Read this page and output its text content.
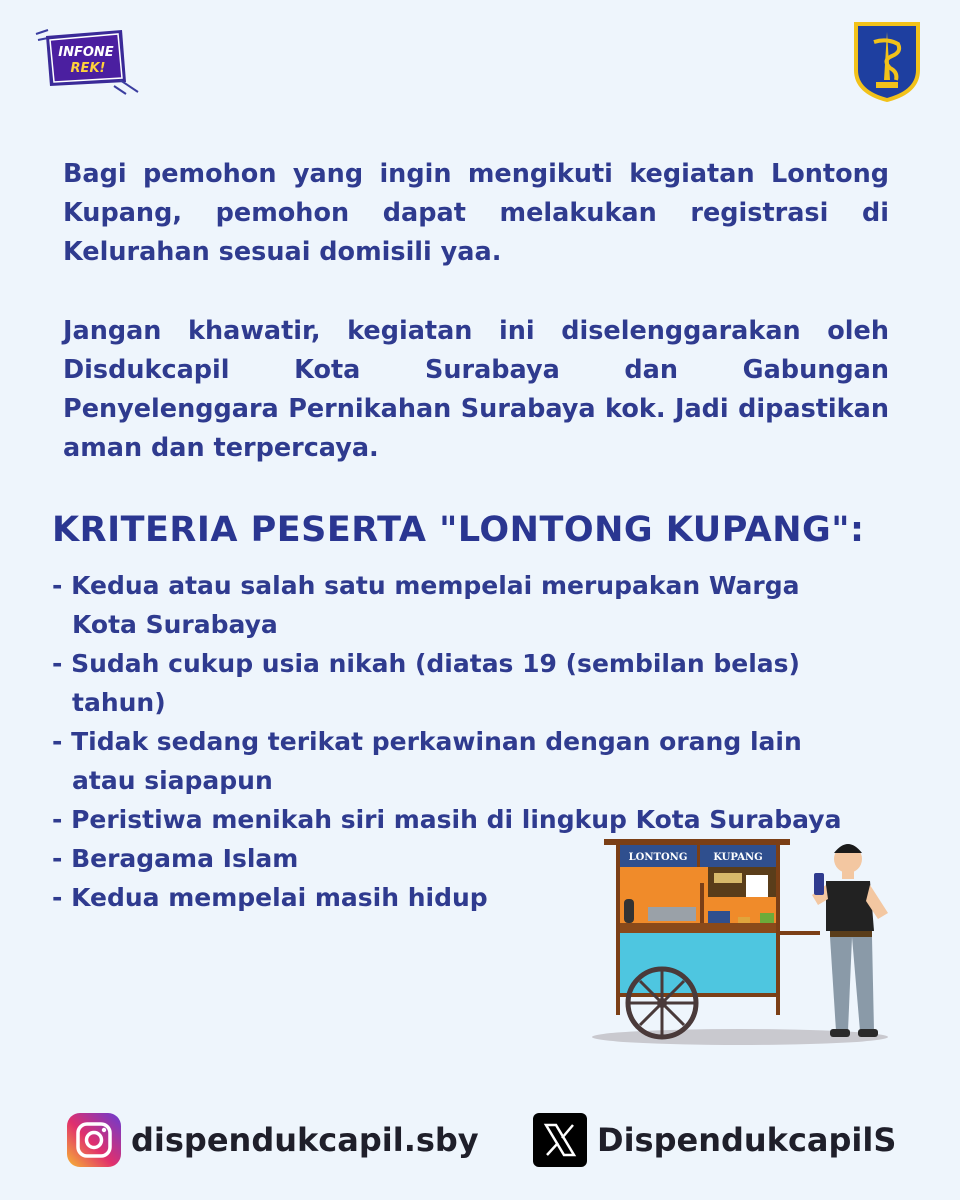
INFONE
REK!
Bagi pemohon yang ingin mengikuti kegiatan Lontong Kupang, pemohon dapat melakukan registrasi di Kelurahan sesuai domisili yaa.
Jangan khawatir, kegiatan ini diselenggarakan oleh Disdukcapil Kota Surabaya dan Gabungan Penyelenggara Pernikahan Surabaya kok. Jadi dipastikan aman dan terpercaya.
KRITERIA PESERTA "LONTONG KUPANG":
- Kedua atau salah satu mempelai merupakan Warga Kota Surabaya
- Sudah cukup usia nikah (diatas 19 (sembilan belas) tahun)
- Tidak sedang terikat perkawinan dengan orang lain atau siapapun
- Peristiwa menikah siri masih di lingkup Kota Surabaya
- Beragama Islam
- Kedua mempelai masih hidup
LONTONG	KUPANG
dispendukcapil.sby	DispendukcapilS
